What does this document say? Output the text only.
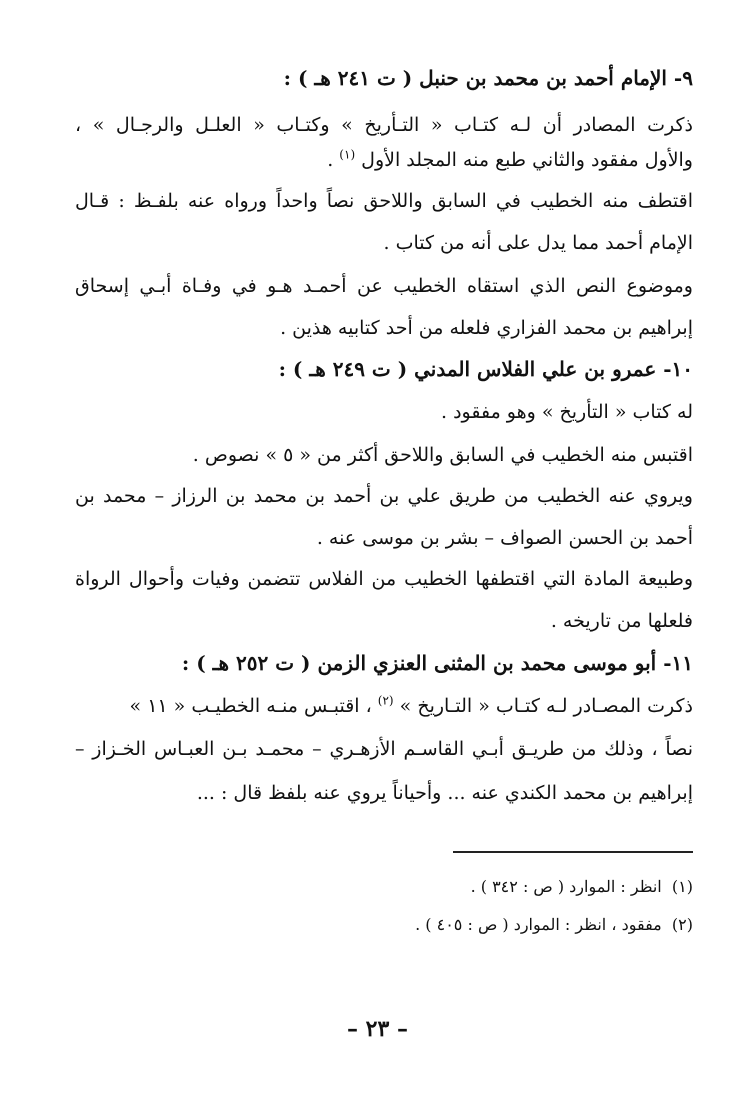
٩- الإمام أحمد بن محمد بن حنبل ( ت ٢٤١ هـ ) :
ذكرت المصادر أن لـه كتـاب « التـأريخ » وكتـاب « العلـل والرجـال » ،
والأول مفقود والثاني طبع منه المجلد الأول $^{(١)}$ .
اقتطف منه الخطيب في السابق واللاحق نصاً واحداً ورواه عنه بلفـظ : قـال
الإمام أحمد مما يدل على أنه من كتاب .
وموضوع النص الذي استقاه الخطيب عن أحمـد هـو في وفـاة أبـي إسحاق
إبراهيم بن محمد الفزاري فلعله من أحد كتابيه هذين .
١٠- عمرو بن علي الفلاس المدني ( ت ٢٤٩ هـ ) :
له كتاب « التأريخ » وهو مفقود .
اقتبس منه الخطيب في السابق واللاحق أكثر من « ٥ » نصوص .
ويروي عنه الخطيب من طريق علي بن أحمد بن محمد بن الرزاز – محمد بن
أحمد بن الحسن الصواف – بشر بن موسى عنه .
وطبيعة المادة التي اقتطفها الخطيب من الفلاس تتضمن وفيات وأحوال الرواة
فلعلها من تاريخه .
١١- أبو موسى محمد بن المثنى العنزي الزمن ( ت ٢٥٢ هـ ) :
ذكرت المصـادر لـه كتـاب « التـاريخ » $^{(٢)}$ ، اقتبـس منـه الخطيـب « ١١ »
نصاً ، وذلك من طريـق أبـي القاسـم الأزهـري – محمـد بـن العبـاس الخـزاز –
إبراهيم بن محمد الكندي عنه ... وأحياناً يروي عنه بلفظ قال : ...
(١)  انظر : الموارد ( ص : ٣٤٢ ) .
(٢)  مفقود ، انظر : الموارد ( ص : ٤٠٥ ) .
– ٢٣ –
